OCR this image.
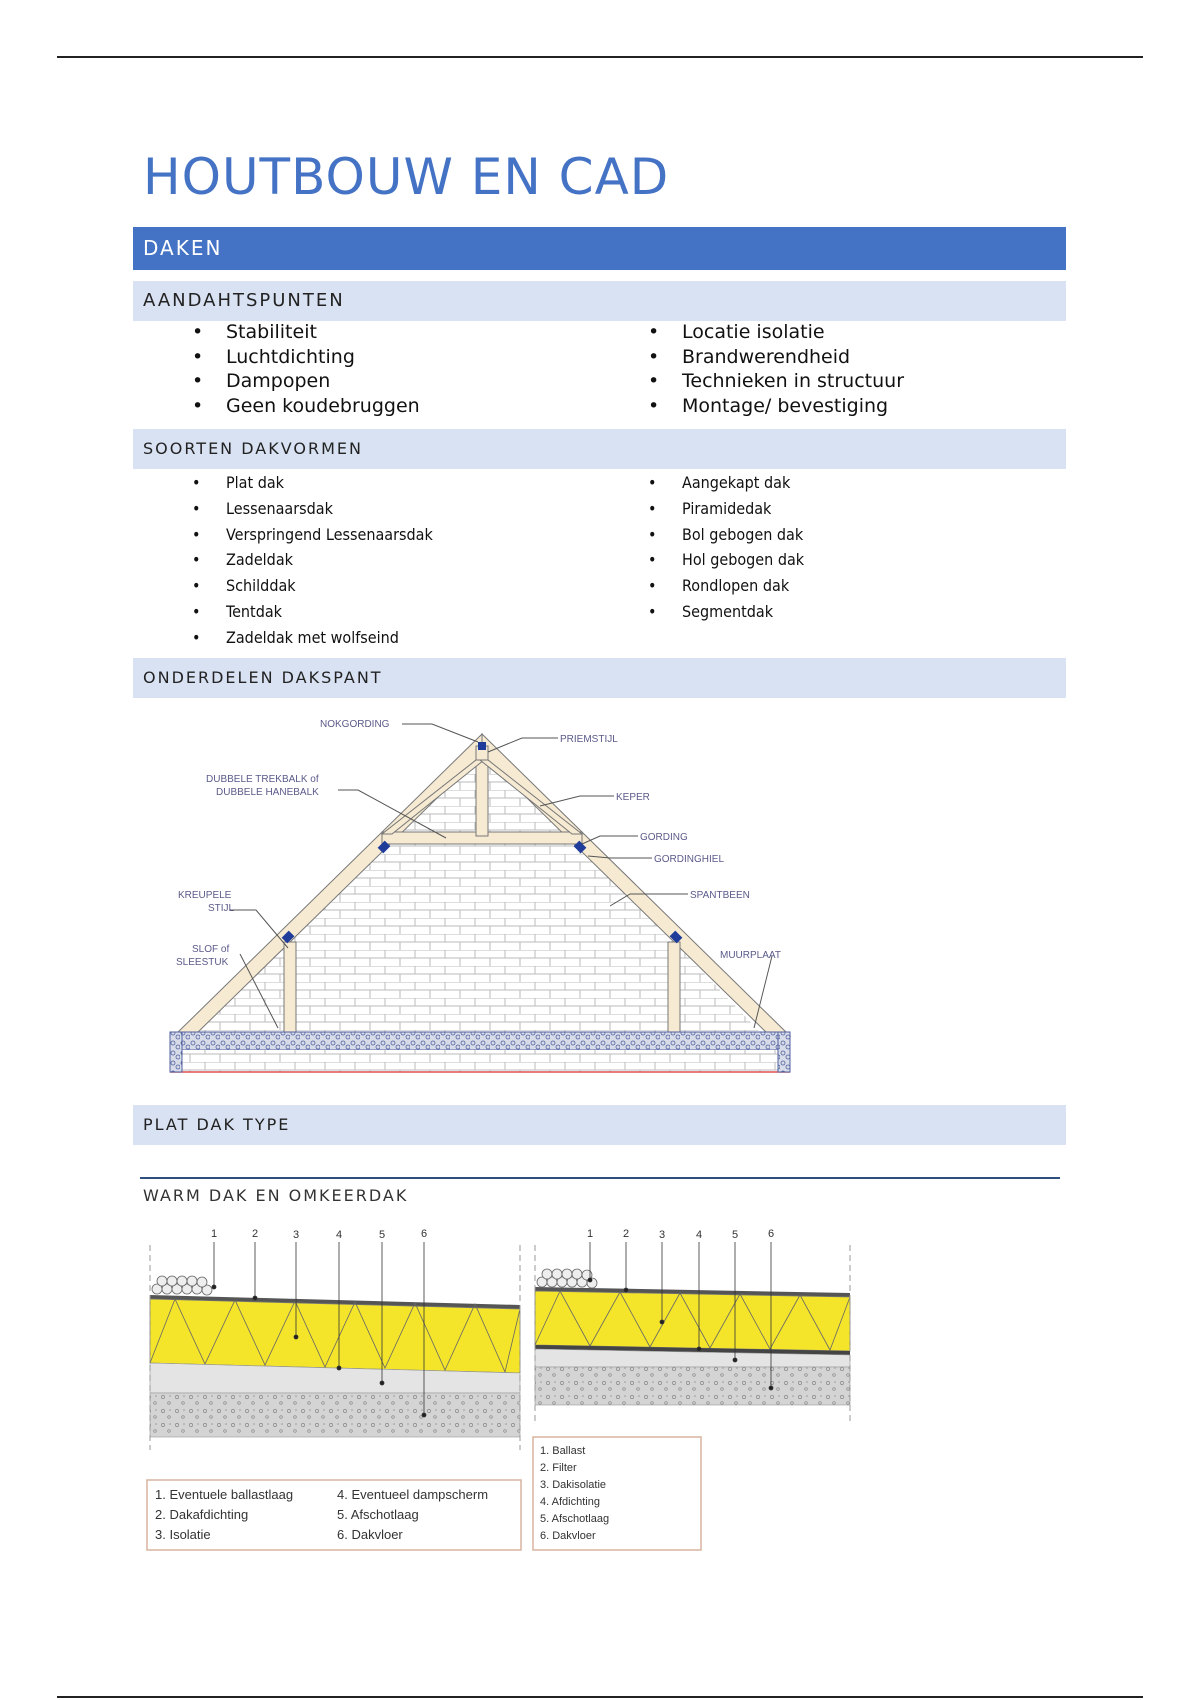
HOUTBOUW EN CAD
DAKEN
AANDAHTSPUNTEN
• Stabiliteit
• Luchtdichting
• Dampopen
• Geen koudebruggen
• Locatie isolatie
• Brandwerendheid
• Technieken in structuur
• Montage/ bevestiging
SOORTEN DAKVORMEN
• Plat dak
• Lessenaarsdak
• Verspringend Lessenaarsdak
• Zadeldak
• Schilddak
• Tentdak
• Zadeldak met wolfseind
• Aangekapt dak
• Piramidedak
• Bol gebogen dak
• Hol gebogen dak
• Rondlopen dak
• Segmentdak
ONDERDELEN DAKSPANT
NOKGORDING
PRIEMSTIJL
DUBBELE TREKBALK of
DUBBELE HANEBALK	KEPER
GORDING
GORDINGHIEL
SPANTBEEN
KREUPELE
STIJL
SLOF of
SLEESTUK
MUURPLAAT
PLAT DAK TYPE
WARM DAK EN OMKEERDAK
1	2	3	4	5	6
1. Eventuele ballastlaag
2. Dakafdichting
3. Isolatie
4. Eventueel dampscherm
5. Afschotlaag
6. Dakvloer
1	2	3	4	5	6
1. Ballast
2. Filter
3. Dakisolatie
4. Afdichting
5. Afschotlaag
6. Dakvloer
